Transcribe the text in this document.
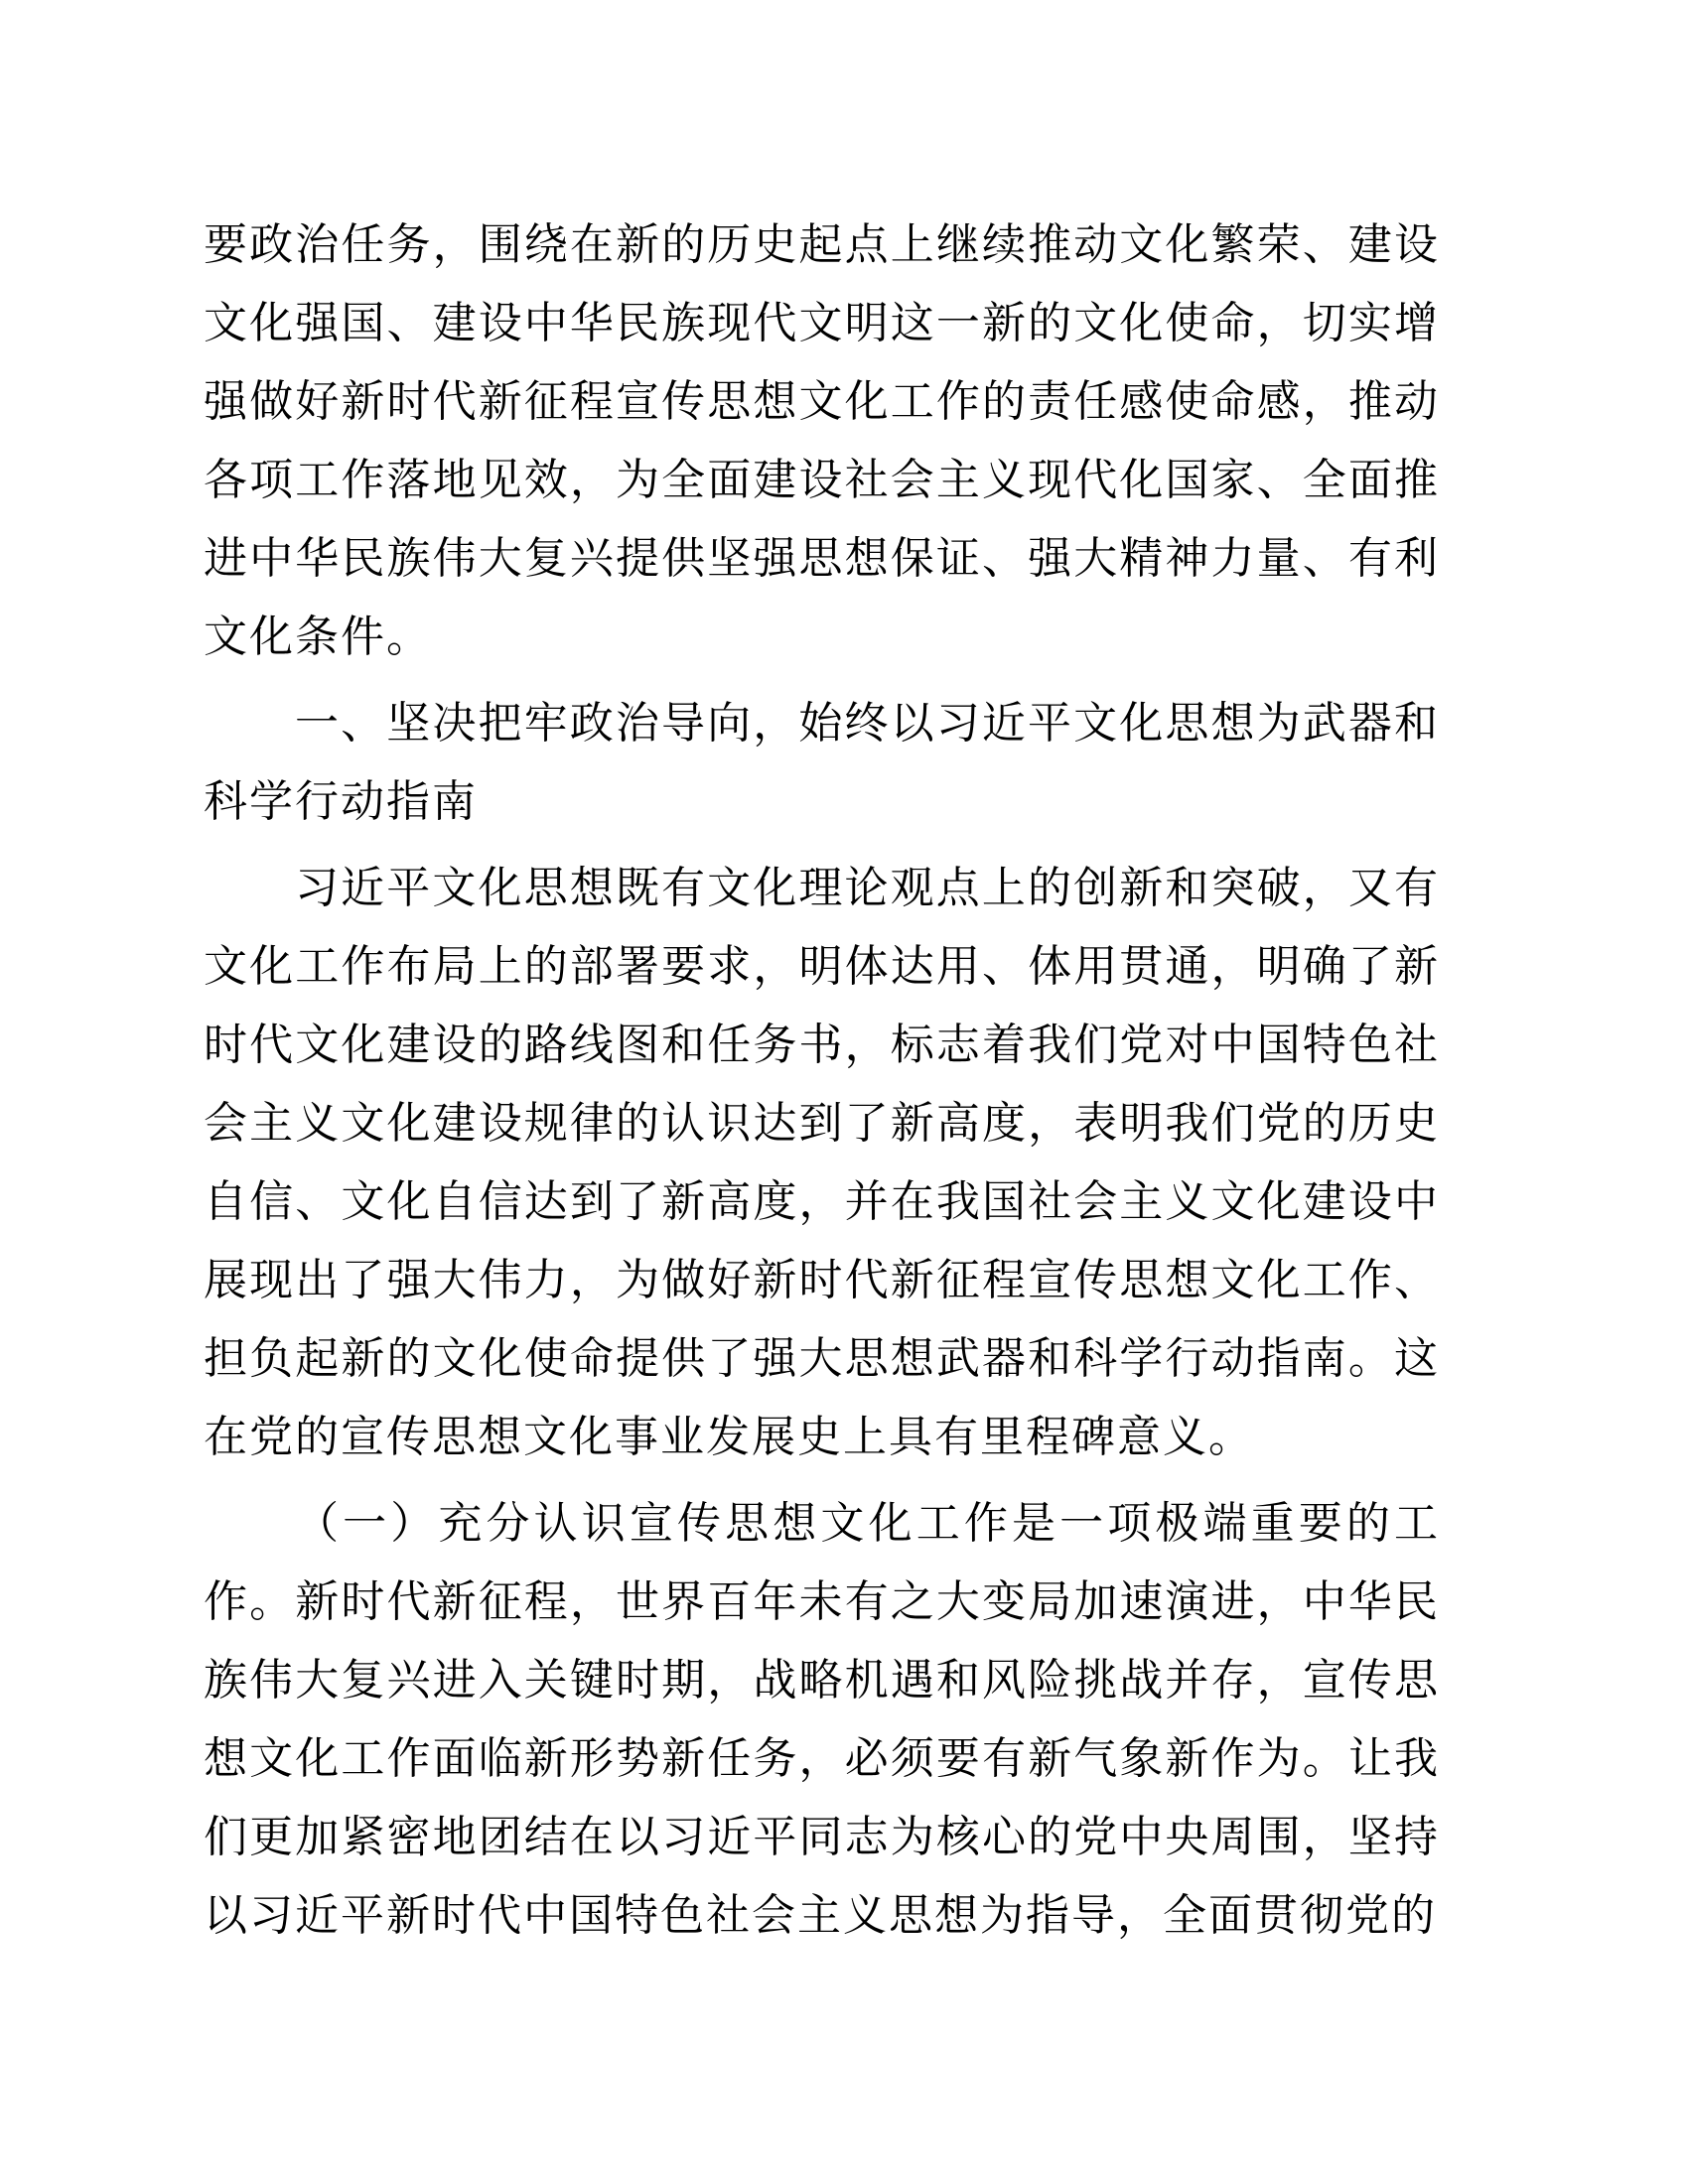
要政治任务，围绕在新的历史起点上继续推动文化繁荣、建设文化强国、建设中华民族现代文明这一新的文化使命，切实增强做好新时代新征程宣传思想文化工作的责任感使命感，推动各项工作落地见效，为全面建设社会主义现代化国家、全面推进中华民族伟大复兴提供坚强思想保证、强大精神力量、有利文化条件。

一、坚决把牢政治导向，始终以习近平文化思想为武器和科学行动指南

习近平文化思想既有文化理论观点上的创新和突破，又有文化工作布局上的部署要求，明体达用、体用贯通，明确了新时代文化建设的路线图和任务书，标志着我们党对中国特色社会主义文化建设规律的认识达到了新高度，表明我们党的历史自信、文化自信达到了新高度，并在我国社会主义文化建设中展现出了强大伟力，为做好新时代新征程宣传思想文化工作、担负起新的文化使命提供了强大思想武器和科学行动指南。这在党的宣传思想文化事业发展史上具有里程碑意义。

（一）充分认识宣传思想文化工作是一项极端重要的工作。新时代新征程，世界百年未有之大变局加速演进，中华民族伟大复兴进入关键时期，战略机遇和风险挑战并存，宣传思想文化工作面临新形势新任务，必须要有新气象新作为。让我们更加紧密地团结在以习近平同志为核心的党中央周围，坚持以习近平新时代中国特色社会主义思想为指导，全面贯彻党的
